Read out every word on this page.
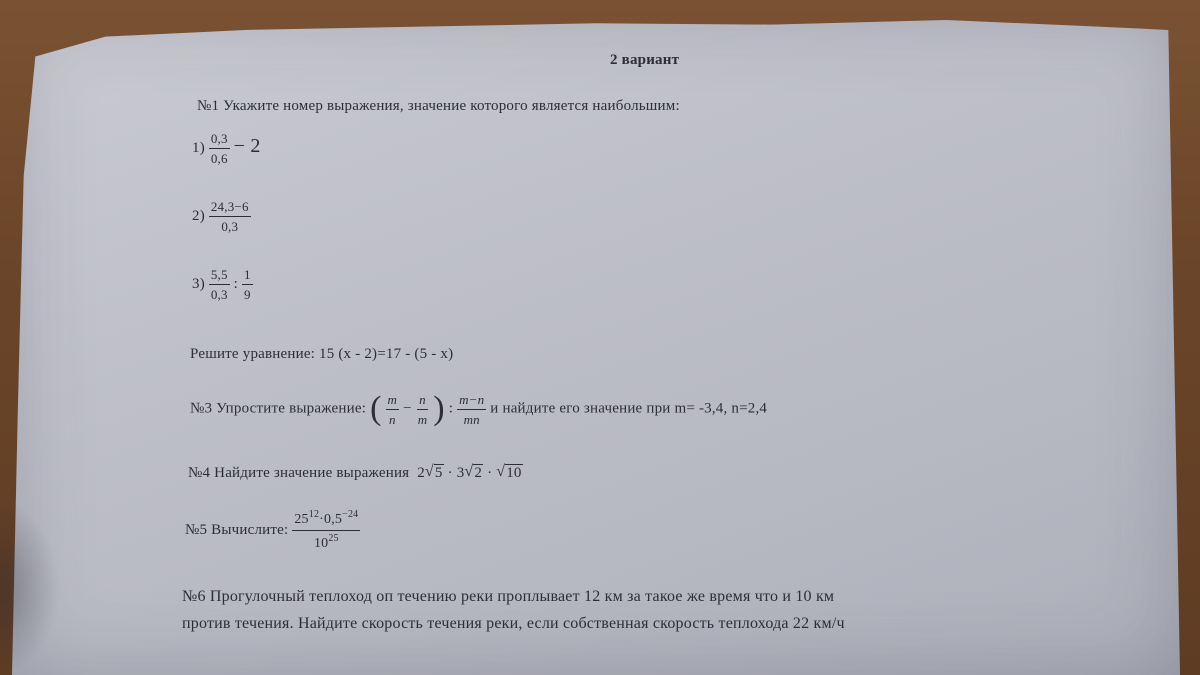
2 вариант
№1 Укажите номер выражения, значение которого является наибольшим:
$1) \frac{0,3}{0,6} - 2$
$2) \frac{24,3-6}{0,3}$
$3) \frac{5,5}{0,3}$ : $\frac{1}{9}$
Решите уравнение: 15 (x - 2)=17 - (5 - x)
№3 Упростите выражение: ( $\frac{m}{n} - \frac{n}{m}$ ) : $\frac{m-n}{mn}$ и найдите его значение при m= -3,4, n=2,4
№4 Найдите значение выражения 2 √ 5 · 3 √ 2 · √ 10
№5 Вычислите: $\frac{25^{12}\cdot 0,5^{-24}}{10^{25}}$
№6 Прогулочный теплоход оп течению реки проплывает 12 км за такое же время что и 10 км
против течения. Найдите скорость течения реки, если собственная скорость теплохода 22 км/ч
